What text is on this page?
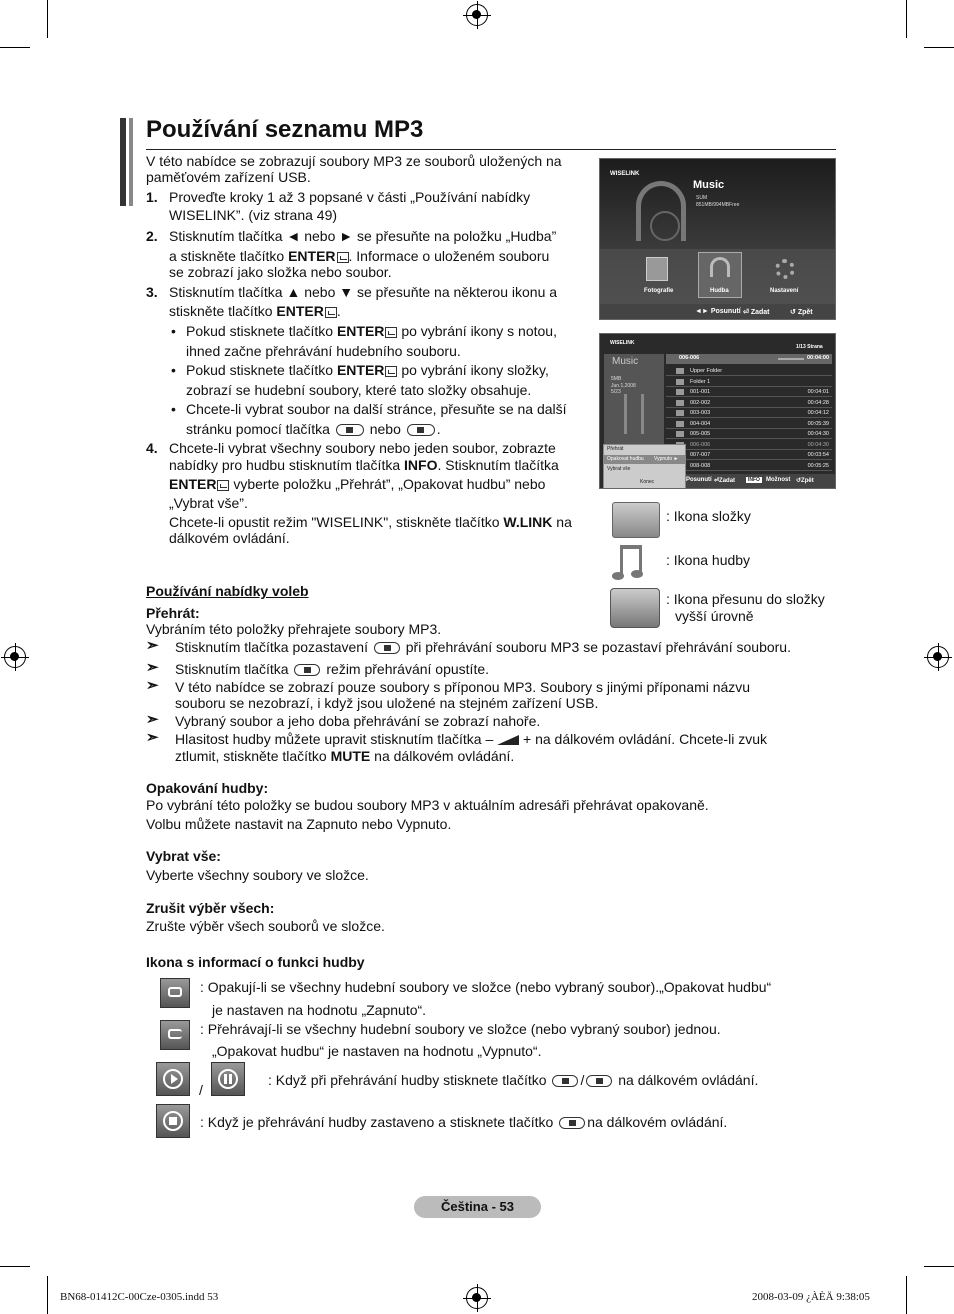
Používání seznamu MP3
V této nabídce se zobrazují soubory MP3 ze souborů uložených na
paměťovém zařízení USB.
1. Proveďte kroky 1 až 3 popsané v části „Používání nabídky
WISELINK”. (viz strana 49)
2. Stisknutím tlačítka ◄ nebo ► se přesuňte na položku „Hudba”
a stiskněte tlačítko ENTER . Informace o uloženém souboru
se zobrazí jako složka nebo soubor.
3. Stisknutím tlačítka ▲ nebo ▼ se přesuňte na některou ikonu a
stiskněte tlačítko ENTER .
• Pokud stisknete tlačítko ENTER po vybrání ikony s notou,
ihned začne přehrávání hudebního souboru.
• Pokud stisknete tlačítko ENTER po vybrání ikony složky,
zobrazí se hudební soubory, které tato složky obsahuje.
• Chcete-li vybrat soubor na další stránce, přesuňte se na další
stránku pomocí tlačítka	nebo	.
4. Chcete-li vybrat všechny soubory nebo jeden soubor, zobrazte
nabídky pro hudbu stisknutím tlačítka INFO. Stisknutím tlačítka
ENTER vyberte položku „Přehrát”, „Opakovat hudbu” nebo
„Vybrat vše”.
Chcete-li opustit režim "WISELINK", stiskněte tlačítko W.LINK na
dálkovém ovládání.
WISELINK
Music
SUM
851MB/994MBFree
Fotografie	Hudba	Nastavení
◄► Posunutí ⏎ Zadat	↺ Zpět
WISELINK
1/13 Strana
Music
5MB
Jun.1,2008
5/23
006-006	00:04:00
Upper Folder
Folder 1
001-001	00:04:01
002-002	00:04:28
003-003	00:04:12
004-004	00:05:39
005-005	00:04:30
006-006	00:04:30
007-007	00:03:54
008-008	00:05:25
Přehrát
Opakovat hudbu Vypnuto ►
Vybrat vše
Konec	Posunutí ⏎Zadat	INFO	Možnost ↺Zpět
: Ikona složky
: Ikona hudby
: Ikona přesunu do složky
vyšší úrovně
Používání nabídky voleb
Přehrát:
Vybráním této položky přehrajete soubory MP3.
➣ Stisknutím tlačítka pozastavení	při přehrávání souboru MP3 se pozastaví přehrávání souboru.
➣ Stisknutím tlačítka	režim přehrávání opustíte.
➣ V této nabídce se zobrazí pouze soubory s příponou MP3. Soubory s jinými příponami názvu
souboru se nezobrazí, i když jsou uložené na stejném zařízení USB.
➣ Vybraný soubor a jeho doba přehrávání se zobrazí nahoře.
➣ Hlasitost hudby můžete upravit stisknutím tlačítka – + na dálkovém ovládání. Chcete-li zvuk
ztlumit, stiskněte tlačítko MUTE na dálkovém ovládání.
Opakování hudby:
Po vybrání této položky se budou soubory MP3 v aktuálním adresáři přehrávat opakovaně.
Volbu můžete nastavit na Zapnuto nebo Vypnuto.
Vybrat vše:
Vyberte všechny soubory ve složce.
Zrušit výběr všech:
Zrušte výběr všech souborů ve složce.
Ikona s informací o funkci hudby
: Opakují-li se všechny hudební soubory ve složce (nebo vybraný soubor).„Opakovat hudbu“
je nastaven na hodnotu „Zapnuto“.
: Přehrávají-li se všechny hudební soubory ve složce (nebo vybraný soubor) jednou.
„Opakovat hudbu“ je nastaven na hodnotu „Vypnuto“.
/
: Když při přehrávání hudby stisknete tlačítko / na dálkovém ovládání.
: Když je přehrávání hudby zastaveno a stisknete tlačítko na dálkovém ovládání.
Čeština - 53
BN68-01412C-00Cze-0305.indd 53	2008-03-09 ¿ÀÈÄ 9:38:05
